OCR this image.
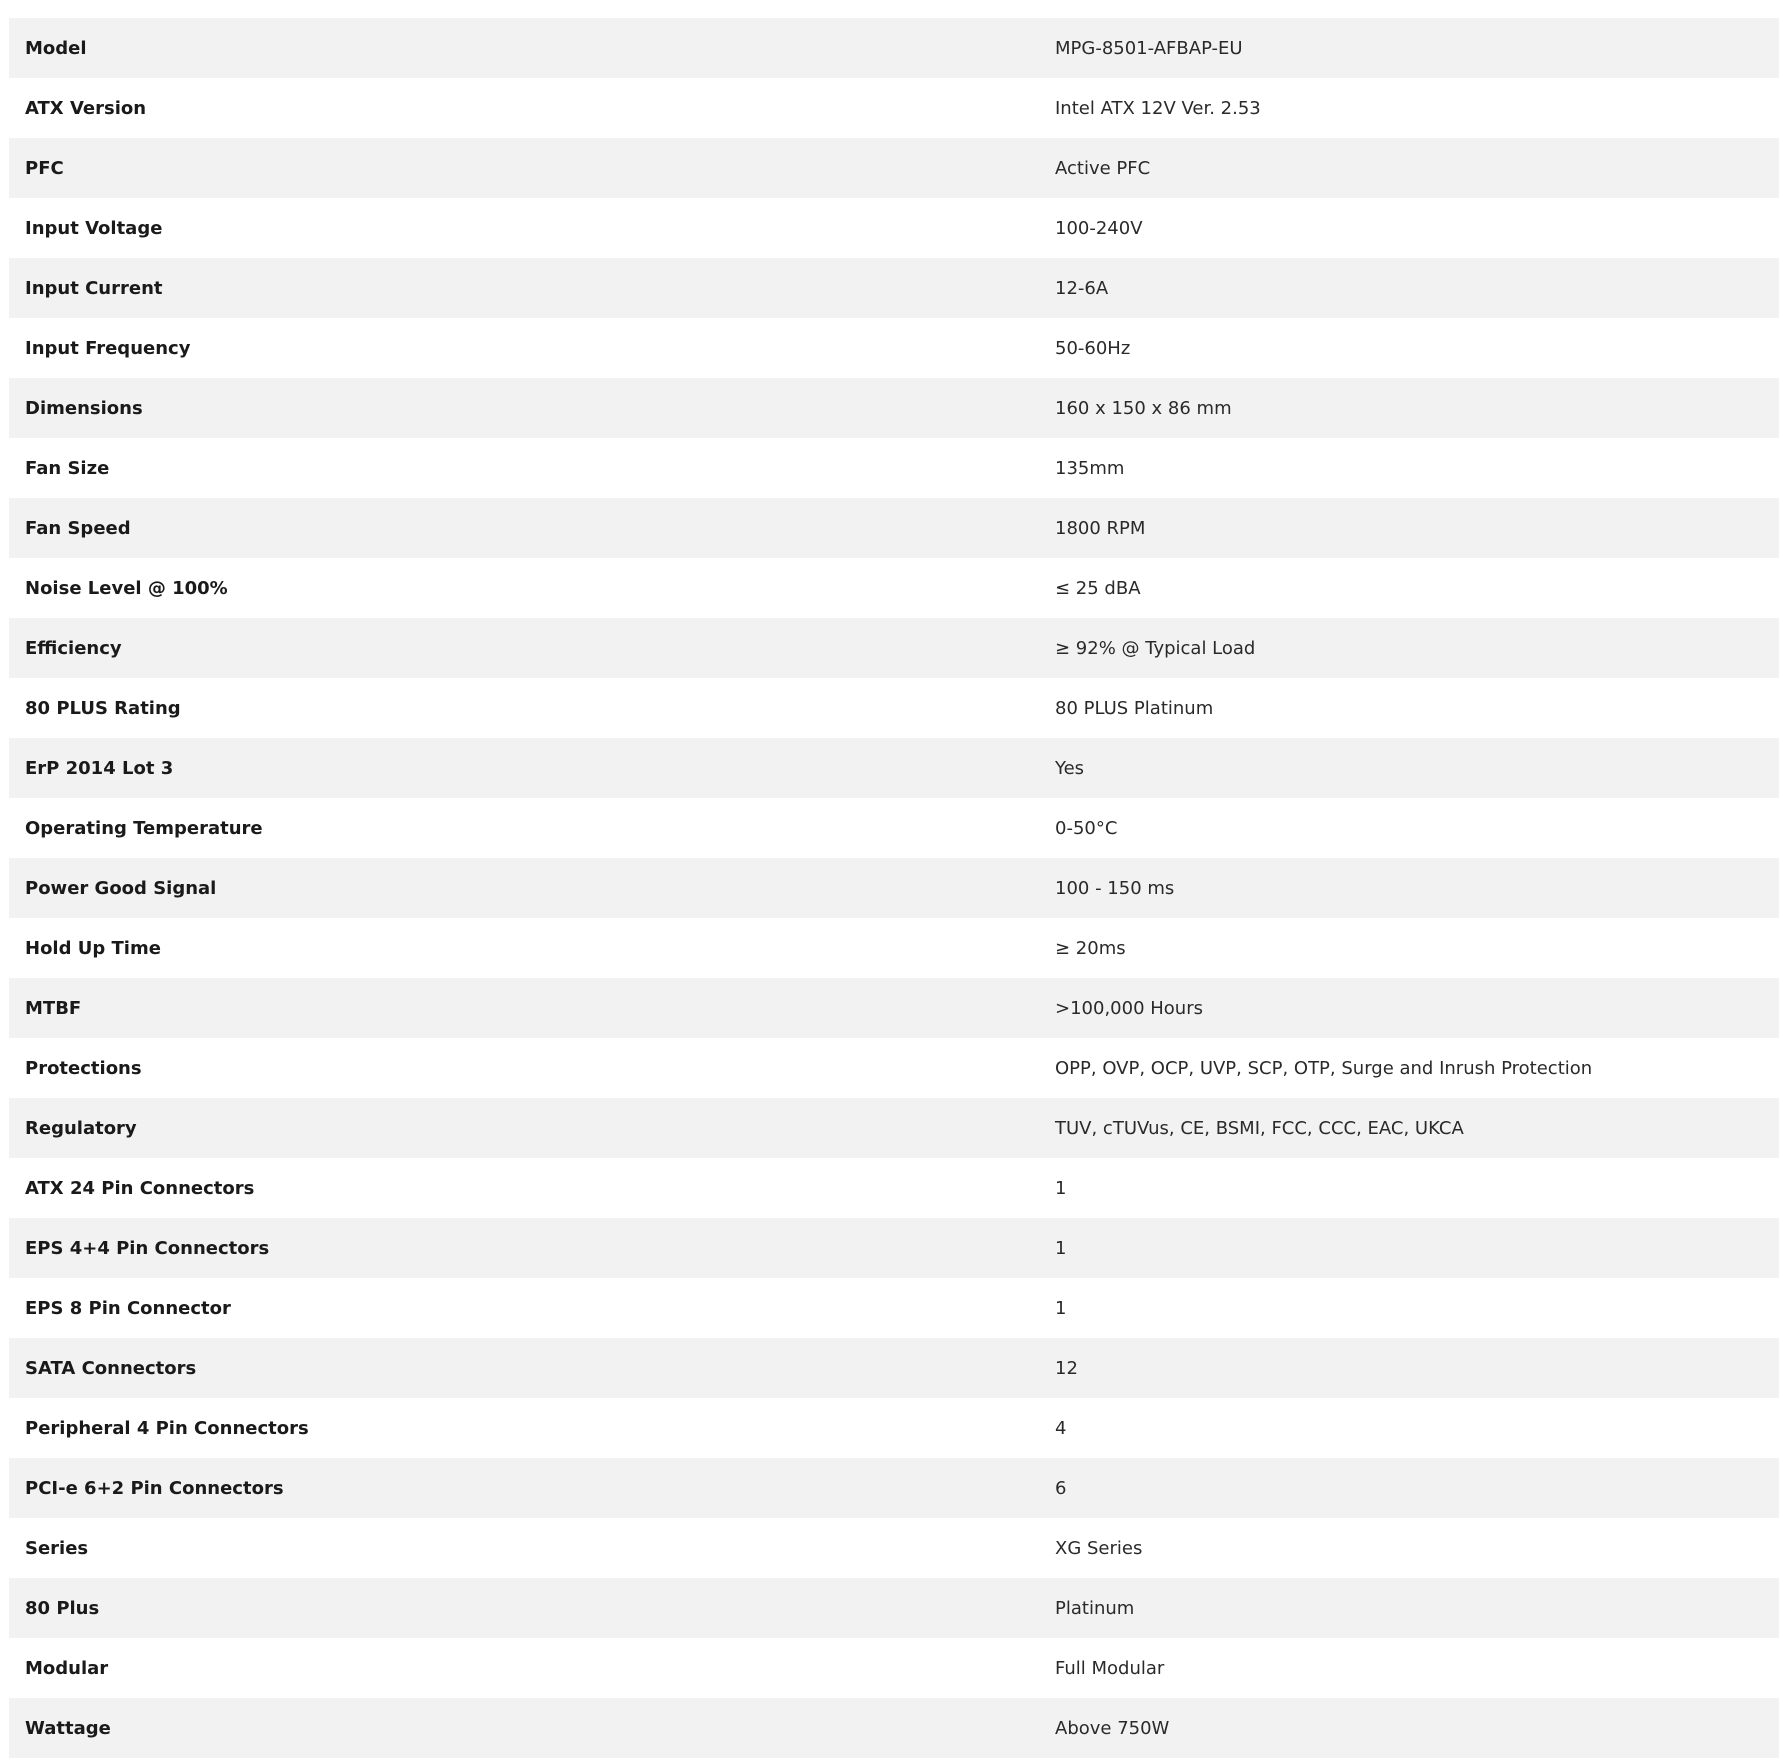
Model	MPG-8501-AFBAP-EU
ATX Version	Intel ATX 12V Ver. 2.53
PFC	Active PFC
Input Voltage	100-240V
Input Current	12-6A
Input Frequency	50-60Hz
Dimensions	160 x 150 x 86 mm
Fan Size	135mm
Fan Speed	1800 RPM
Noise Level @ 100%	≤ 25 dBA
Efficiency	≥ 92% @ Typical Load
80 PLUS Rating	80 PLUS Platinum
ErP 2014 Lot 3	Yes
Operating Temperature	0-50°C
Power Good Signal	100 - 150 ms
Hold Up Time	≥ 20ms
MTBF	>100,000 Hours
Protections	OPP, OVP, OCP, UVP, SCP, OTP, Surge and Inrush Protection
Regulatory	TUV, cTUVus, CE, BSMI, FCC, CCC, EAC, UKCA
ATX 24 Pin Connectors	1
EPS 4+4 Pin Connectors	1
EPS 8 Pin Connector	1
SATA Connectors	12
Peripheral 4 Pin Connectors	4
PCI-e 6+2 Pin Connectors	6
Series	XG Series
80 Plus	Platinum
Modular	Full Modular
Wattage	Above 750W
